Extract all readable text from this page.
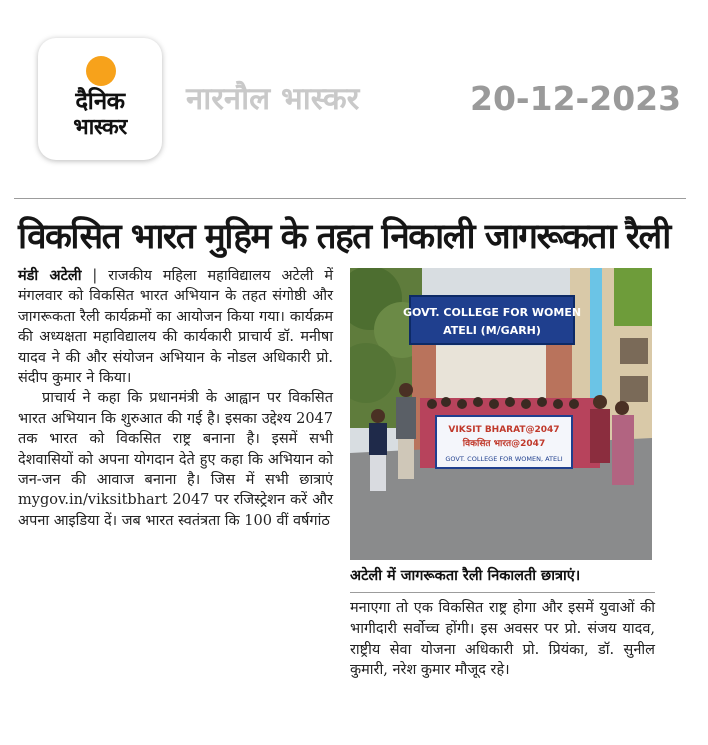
दैनिक
भास्कर
नारनौल भास्कर	20-12-2023
विकसित भारत मुहिम के तहत निकाली जागरूकता रैली

मंडी अटेली | राजकीय महिला महाविद्यालय अटेली में मंगलवार को विकसित भारत अभियान के तहत संगोष्ठी और जागरूकता रैली कार्यक्रमों का आयोजन किया गया। कार्यक्रम की अध्यक्षता महाविद्यालय की कार्यकारी प्राचार्य डॉ. मनीषा यादव ने की और संयोजन अभियान के नोडल अधिकारी प्रो. संदीप कुमार ने किया।

प्राचार्य ने कहा कि प्रधानमंत्री के आह्वान पर विकसित भारत अभियान कि शुरुआत की गई है। इसका उद्देश्य 2047 तक भारत को विकसित राष्ट्र बनाना है। इसमें सभी देशवासियों को अपना योगदान देते हुए कहा कि अभियान को जन-जन की आवाज बनाना है। जिस में सभी छात्राएं mygov.in/viksitbhart 2047 पर रजिस्ट्रेशन करें और अपना आइडिया दें। जब भारत स्वतंत्रता कि 100 वीं वर्षगांठ

GOVT. COLLEGE FOR WOMEN
ATELI (M/GARH)
VIKSIT BHARAT@2047
विकसित भारत@2047
GOVT. COLLEGE FOR WOMEN, ATELI
अटेली में जागरूकता रैली निकालती छात्राएं।

मनाएगा तो एक विकसित राष्ट्र होगा और इसमें युवाओं की भागीदारी सर्वोच्च होंगी। इस अवसर पर प्रो. संजय यादव, राष्ट्रीय सेवा योजना अधिकारी प्रो. प्रियंका, डॉ. सुनील कुमारी, नरेश कुमार मौजूद रहे।
